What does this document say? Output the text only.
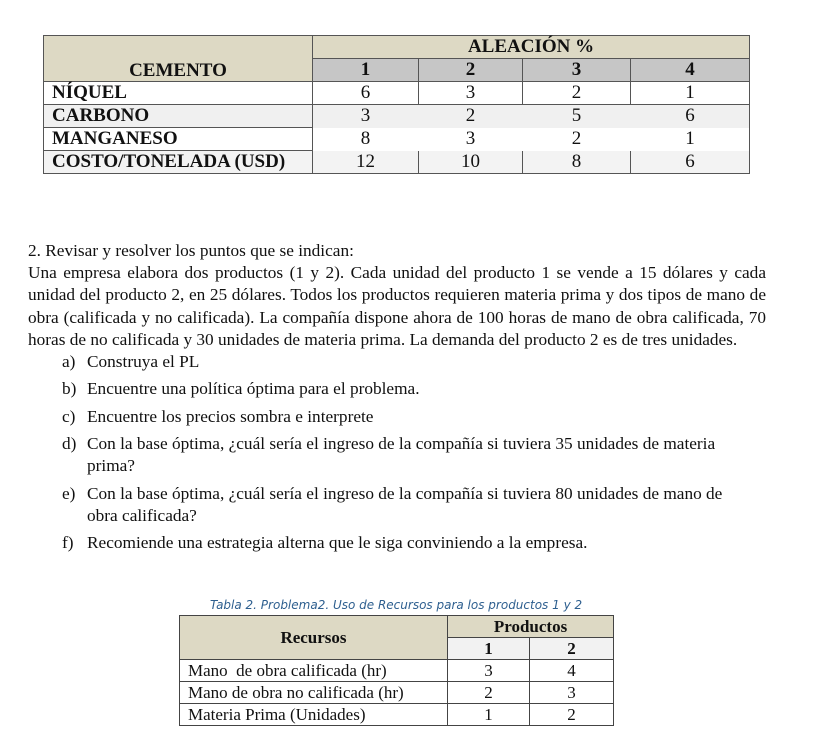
CEMENTO	ALEACIÓN %			
	1	2	3	4
NÍQUEL	6	3	2	1
CARBONO	3	2	5	6
MANGANESO	8	3	2	1
COSTO/TONELADA (USD)	12	10	8	6

2. Revisar y resolver los puntos que se indican:

Una empresa elabora dos productos (1 y 2). Cada unidad del producto 1 se vende a 15 dólares y cada unidad del producto 2, en 25 dólares. Todos los productos requieren materia prima y dos tipos de mano de obra (calificada y no calificada). La compañía dispone ahora de 100 horas de mano de obra calificada, 70 horas de no calificada y 30 unidades de materia prima. La demanda del producto 2 es de tres unidades.

a) Construya el PL
b) Encuentre una política óptima para el problema.
c) Encuentre los precios sombra e interprete
d) Con la base óptima, ¿cuál sería el ingreso de la compañía si tuviera 35 unidades de materia prima?
e) Con la base óptima, ¿cuál sería el ingreso de la compañía si tuviera 80 unidades de mano de obra calificada?
f) Recomiende una estrategia alterna que le siga conviniendo a la empresa.
Tabla 2. Problema2. Uso de Recursos para los productos 1 y 2
Recursos	Productos	
	1	2
Mano  de obra calificada (hr)	3	4
Mano de obra no calificada (hr)	2	3
Materia Prima (Unidades)	1	2
